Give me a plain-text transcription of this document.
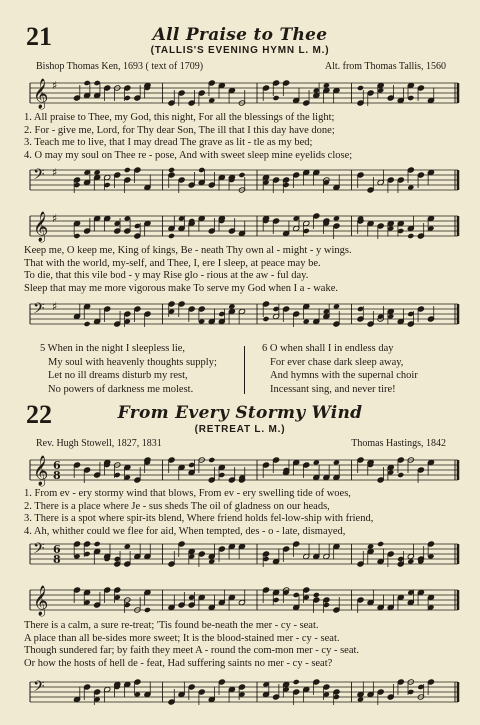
21	All Praise to Thee
(TALLIS'S EVENING HYMN L. M.)
Bishop Thomas Ken, 1693 ( text of 1709)	Alt. from Thomas Tallis, 1560
𝄞 ♯
1. All praise to Thee, my God, this night, For all the blessings of the light;
2. For - give me, Lord, for Thy dear Son, The ill that I this day have done;
3. Teach me to live, that I may dread The grave as lit - tle as my bed;
4. O may my soul on Thee re - pose, And with sweet sleep mine eyelids close;
𝄢 ♯
𝄞 ♯
Keep me, O keep me, King of kings, Be - neath Thy own al - might - y wings.
That with the world, my-self, and Thee, I, ere I sleep, at peace may be.
To die, that this vile bod - y may Rise glo - rious at the aw - ful day.
Sleep that may me more vigorous make To serve my God when I a - wake.
𝄢 ♯
5 When in the night I sleepless lie,
My soul with heavenly thoughts supply;
Let no ill dreams disturb my rest,
No powers of darkness me molest.
6 O when shall I in endless day
For ever chase dark sleep away,
And hymns with the supernal choir
Incessant sing, and never tire!
22	From Every Stormy Wind
(RETREAT L. M.)
Rev. Hugh Stowell, 1827, 1831	Thomas Hastings, 1842
𝄞 6
8
1. From ev - ery stormy wind that blows, From ev - ery swelling tide of woes,
2. There is a place where Je - sus sheds The oil of gladness on our heads,
3. There is a spot where spir-its blend, Where friend holds fel-low-ship with friend,
4. Ah, whither could we flee for aid, When tempted, des - o - late, dismayed,
𝄢 6
8
𝄞
There is a calm, a sure re-treat; 'Tis found be-neath the mer - cy - seat.
A place than all be-sides more sweet; It is the blood-stained mer - cy - seat.
Though sundered far; by faith they meet A - round the com-mon mer - cy - seat.
Or how the hosts of hell de - feat, Had suffering saints no mer - cy - seat?
𝄢
